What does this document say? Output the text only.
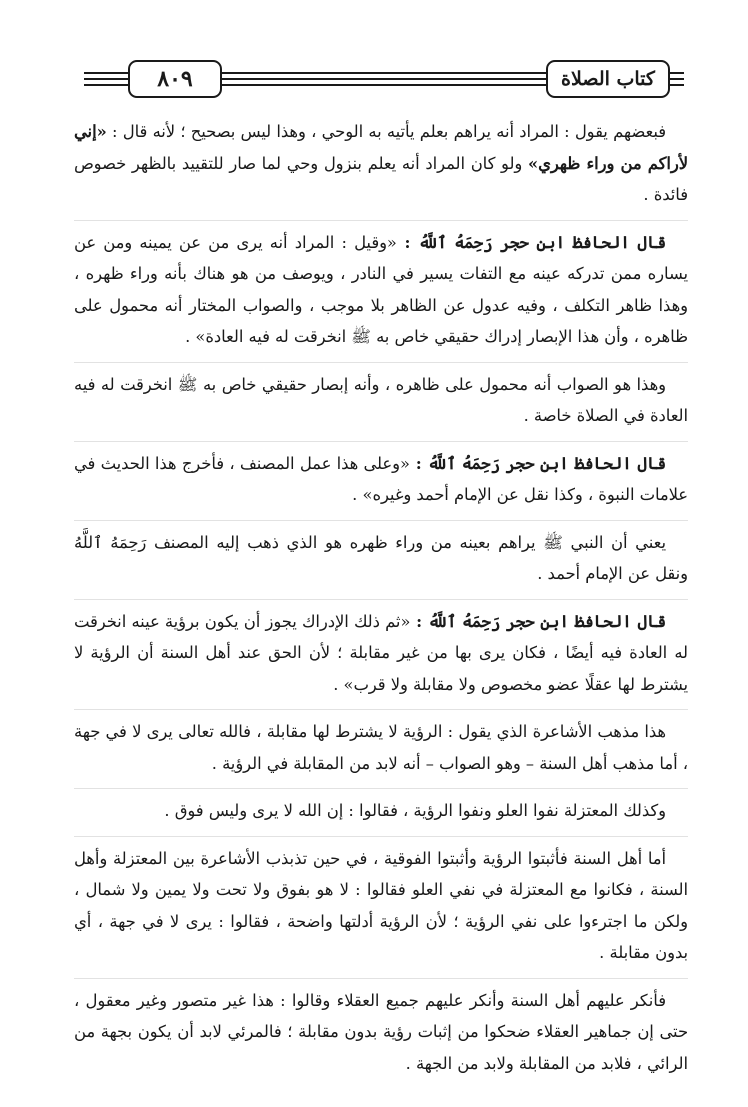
كتاب الصلاة
٨٠٩

فبعضهم يقول : المراد أنه يراهم بعلم يأتيه به الوحي ، وهذا ليس بصحيح ؛ لأنه قال : «إني لأراكم من وراء ظهري» ولو كان المراد أنه يعلم بنزول وحي لما صار للتقييد بالظهر خصوص فائدة .

قال الحافظ ابن حجر رَحِمَهُ ٱللَّهُ : «وقيل : المراد أنه يرى من عن يمينه ومن عن يساره ممن تدركه عينه مع التفات يسير في النادر ، ويوصف من هو هناك بأنه وراء ظهره ، وهذا ظاهر التكلف ، وفيه عدول عن الظاهر بلا موجب ، والصواب المختار أنه محمول على ظاهره ، وأن هذا الإبصار إدراك حقيقي خاص به ﷺ انخرقت له فيه العادة» .

وهذا هو الصواب أنه محمول على ظاهره ، وأنه إبصار حقيقي خاص به ﷺ انخرقت له فيه العادة في الصلاة خاصة .

قال الحافظ ابن حجر رَحِمَهُ ٱللَّهُ : «وعلى هذا عمل المصنف ، فأخرج هذا الحديث في علامات النبوة ، وكذا نقل عن الإمام أحمد وغيره» .

يعني أن النبي ﷺ يراهم بعينه من وراء ظهره هو الذي ذهب إليه المصنف رَحِمَهُ ٱللَّهُ ونقل عن الإمام أحمد .

قال الحافظ ابن حجر رَحِمَهُ ٱللَّهُ : «ثم ذلك الإدراك يجوز أن يكون برؤية عينه انخرقت له العادة فيه أيضًا ، فكان يرى بها من غير مقابلة ؛ لأن الحق عند أهل السنة أن الرؤية لا يشترط لها عقلًا عضو مخصوص ولا مقابلة ولا قرب» .

هذا مذهب الأشاعرة الذي يقول : الرؤية لا يشترط لها مقابلة ، فالله تعالى يرى لا في جهة ، أما مذهب أهل السنة – وهو الصواب – أنه لابد من المقابلة في الرؤية .

وكذلك المعتزلة نفوا العلو ونفوا الرؤية ، فقالوا : إن الله لا يرى وليس فوق .

أما أهل السنة فأثبتوا الرؤية وأثبتوا الفوقية ، في حين تذبذب الأشاعرة بين المعتزلة وأهل السنة ، فكانوا مع المعتزلة في نفي العلو فقالوا : لا هو بفوق ولا تحت ولا يمين ولا شمال ، ولكن ما اجترءوا على نفي الرؤية ؛ لأن الرؤية أدلتها واضحة ، فقالوا : يرى لا في جهة ، أي بدون مقابلة .

فأنكر عليهم أهل السنة وأنكر عليهم جميع العقلاء وقالوا : هذا غير متصور وغير معقول ، حتى إن جماهير العقلاء ضحكوا من إثبات رؤية بدون مقابلة ؛ فالمرئي لابد أن يكون بجهة من الرائي ، فلابد من المقابلة ولابد من الجهة .
